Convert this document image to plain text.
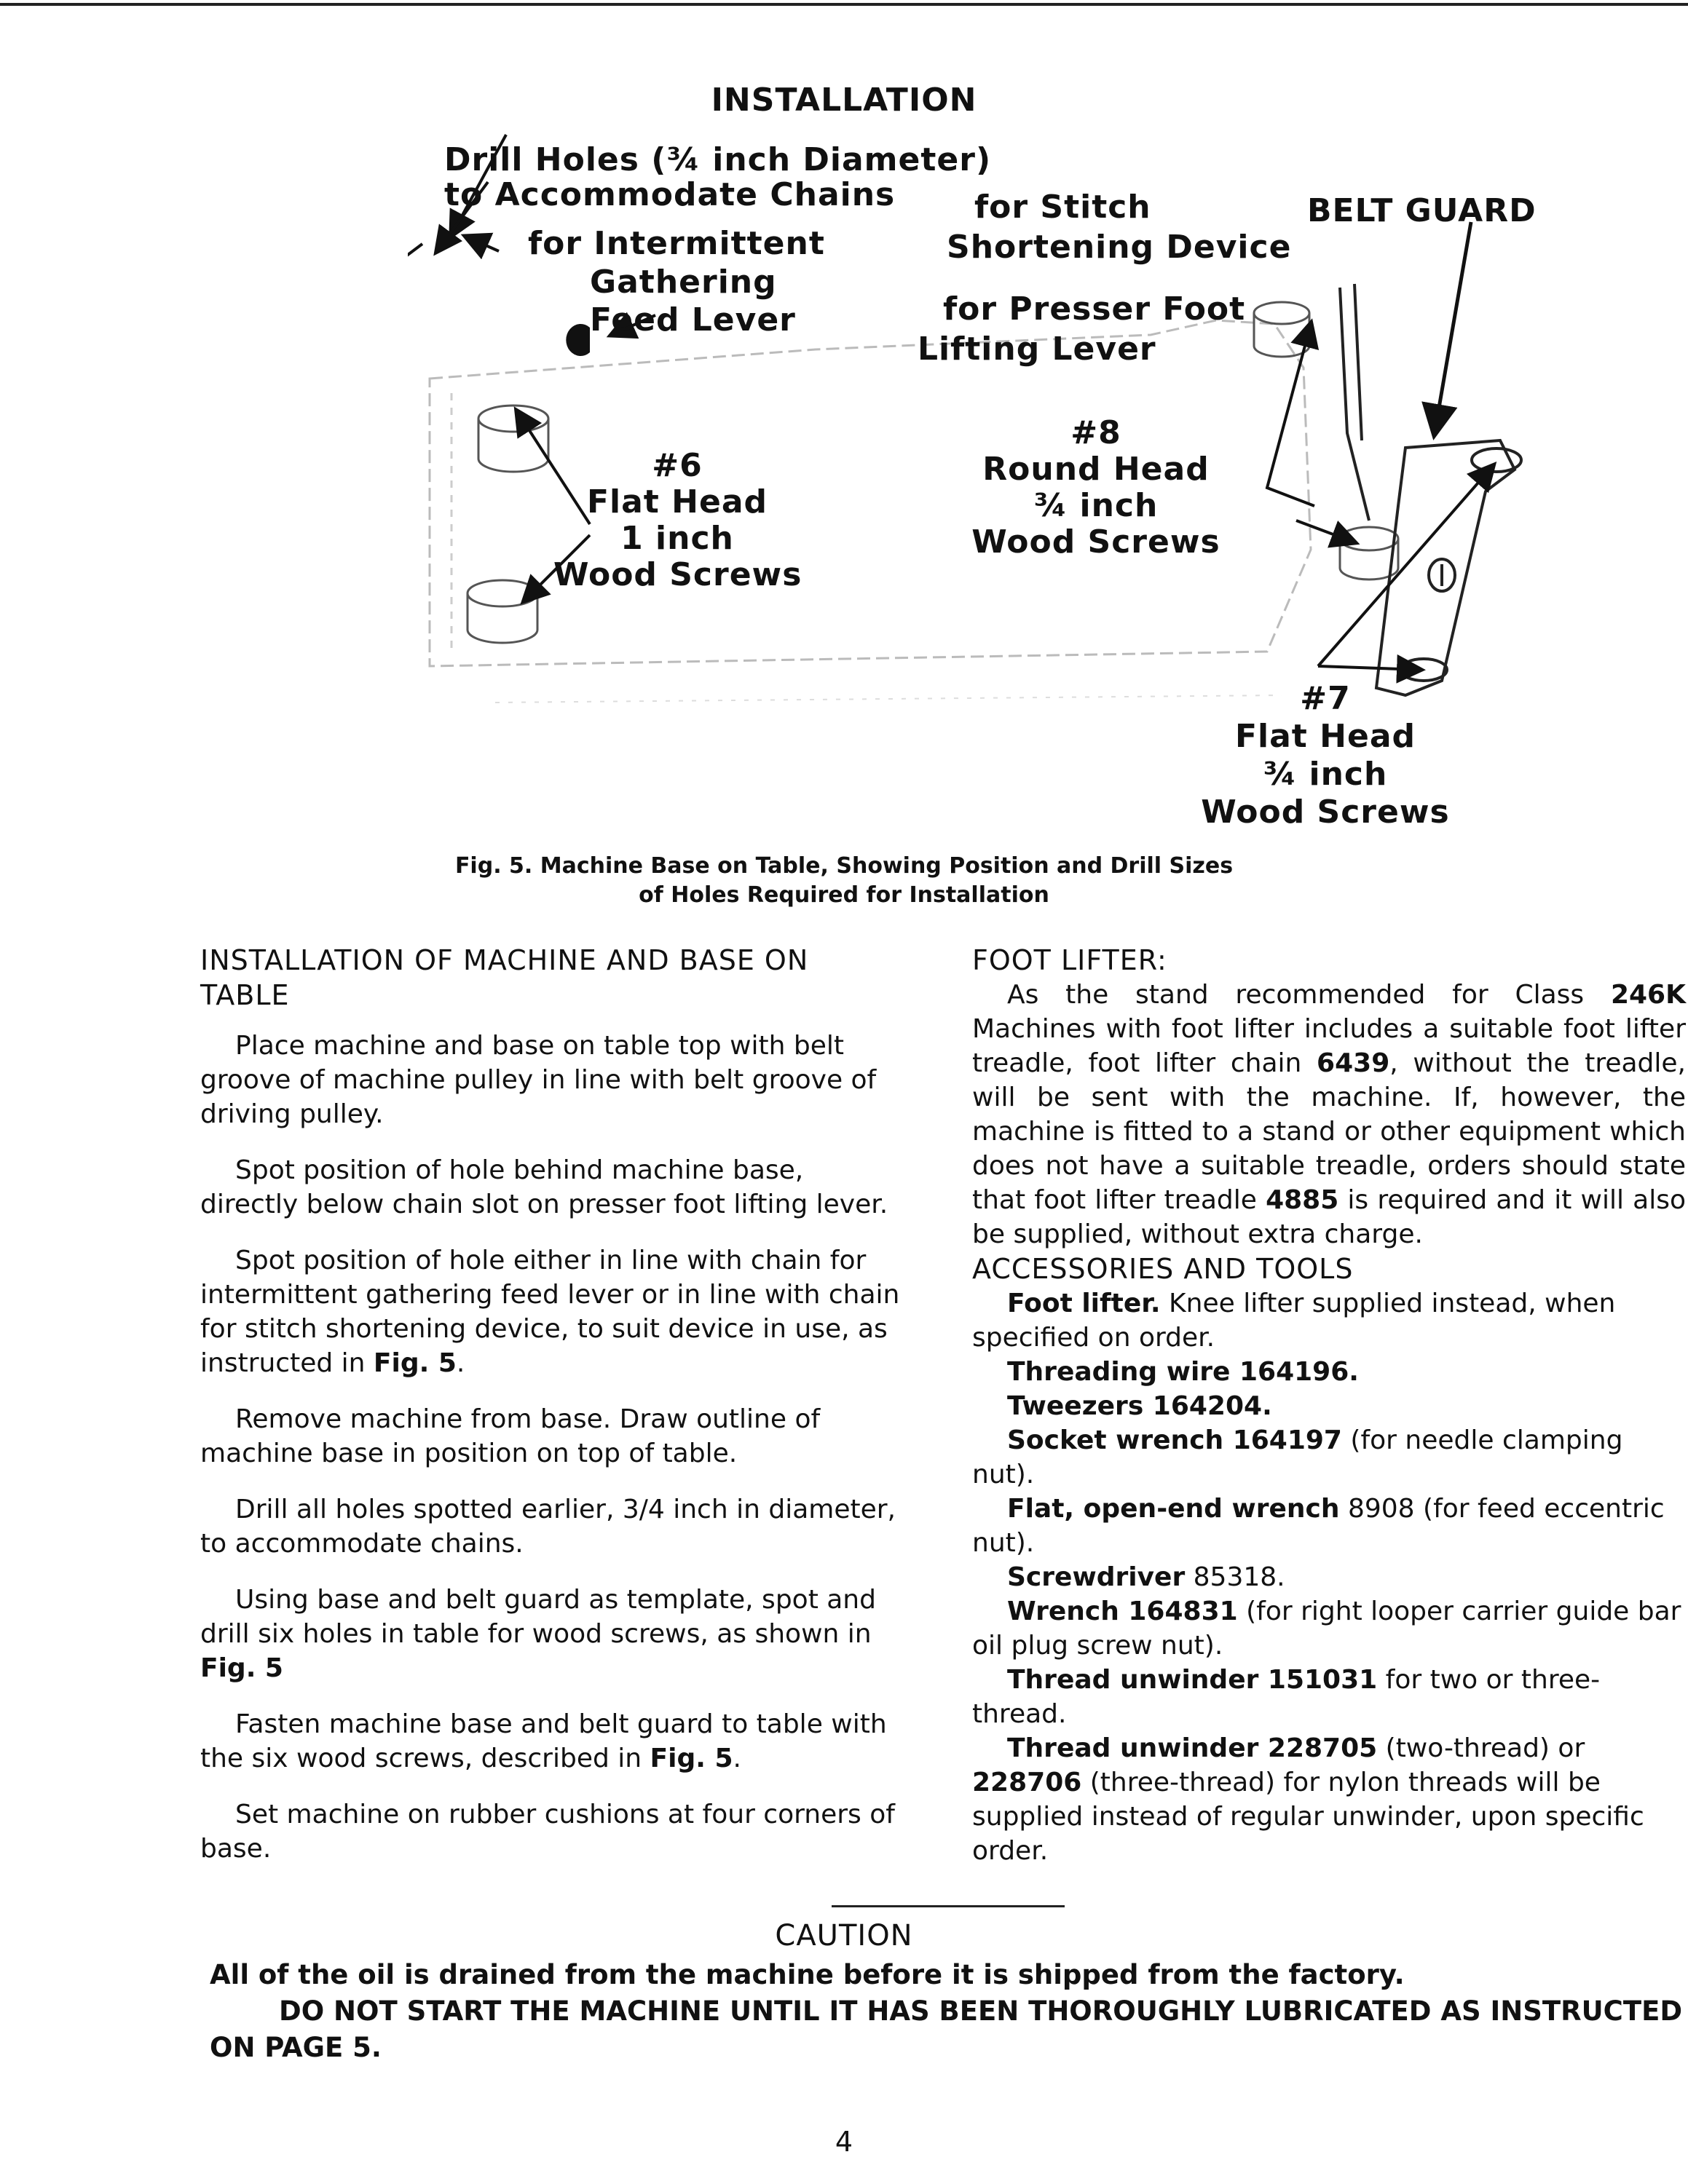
INSTALLATION
Drill Holes (¾ inch Diameter)
to Accommodate Chains
for Intermittent
Gathering
Feed Lever
for Stitch
Shortening Device
for Presser Foot
Lifting Lever
BELT GUARD
#6
Flat Head
1 inch
Wood Screws
#8
Round Head
¾ inch
Wood Screws
#7
Flat Head
¾ inch
Wood Screws

Fig. 5. Machine Base on Table, Showing Position and Drill Sizes
of Holes Required for Installation

INSTALLATION OF MACHINE AND BASE ON
TABLE

Place machine and base on table top with belt groove of machine pulley in line with belt groove of driving pulley.

Spot position of hole behind machine base, directly below chain slot on presser foot lifting lever.

Spot position of hole either in line with chain for intermittent gathering feed lever or in line with chain for stitch shortening device, to suit device in use, as instructed in Fig. 5.

Remove machine from base. Draw outline of machine base in position on top of table.

Drill all holes spotted earlier, 3/4 inch in diameter, to accommodate chains.

Using base and belt guard as template, spot and drill six holes in table for wood screws, as shown in Fig. 5

Fasten machine base and belt guard to table with the six wood screws, described in Fig. 5.

Set machine on rubber cushions at four corners of base.

FOOT LIFTER:

As the stand recommended for Class 246K Machines with foot lifter includes a suitable foot lifter treadle, foot lifter chain 6439, without the treadle, will be sent with the machine. If, however, the machine is fitted to a stand or other equipment which does not have a suitable treadle, orders should state that foot lifter treadle 4885 is required and it will also be supplied, without extra charge.

ACCESSORIES AND TOOLS

Foot lifter. Knee lifter supplied instead, when specified on order.

Threading wire 164196.

Tweezers 164204.

Socket wrench 164197 (for needle clamping nut).

Flat, open-end wrench 8908 (for feed eccentric nut).

Screwdriver 85318.

Wrench 164831 (for right looper carrier guide bar oil plug screw nut).

Thread unwinder 151031 for two or three-thread.

Thread unwinder 228705 (two-thread) or 228706 (three-thread) for nylon threads will be supplied instead of regular unwinder, upon specific order.

CAUTION

All of the oil is drained from the machine before it is shipped from the factory.

DO NOT START THE MACHINE UNTIL IT HAS BEEN THOROUGHLY LUBRICATED AS INSTRUCTED ON PAGE 5.

4
